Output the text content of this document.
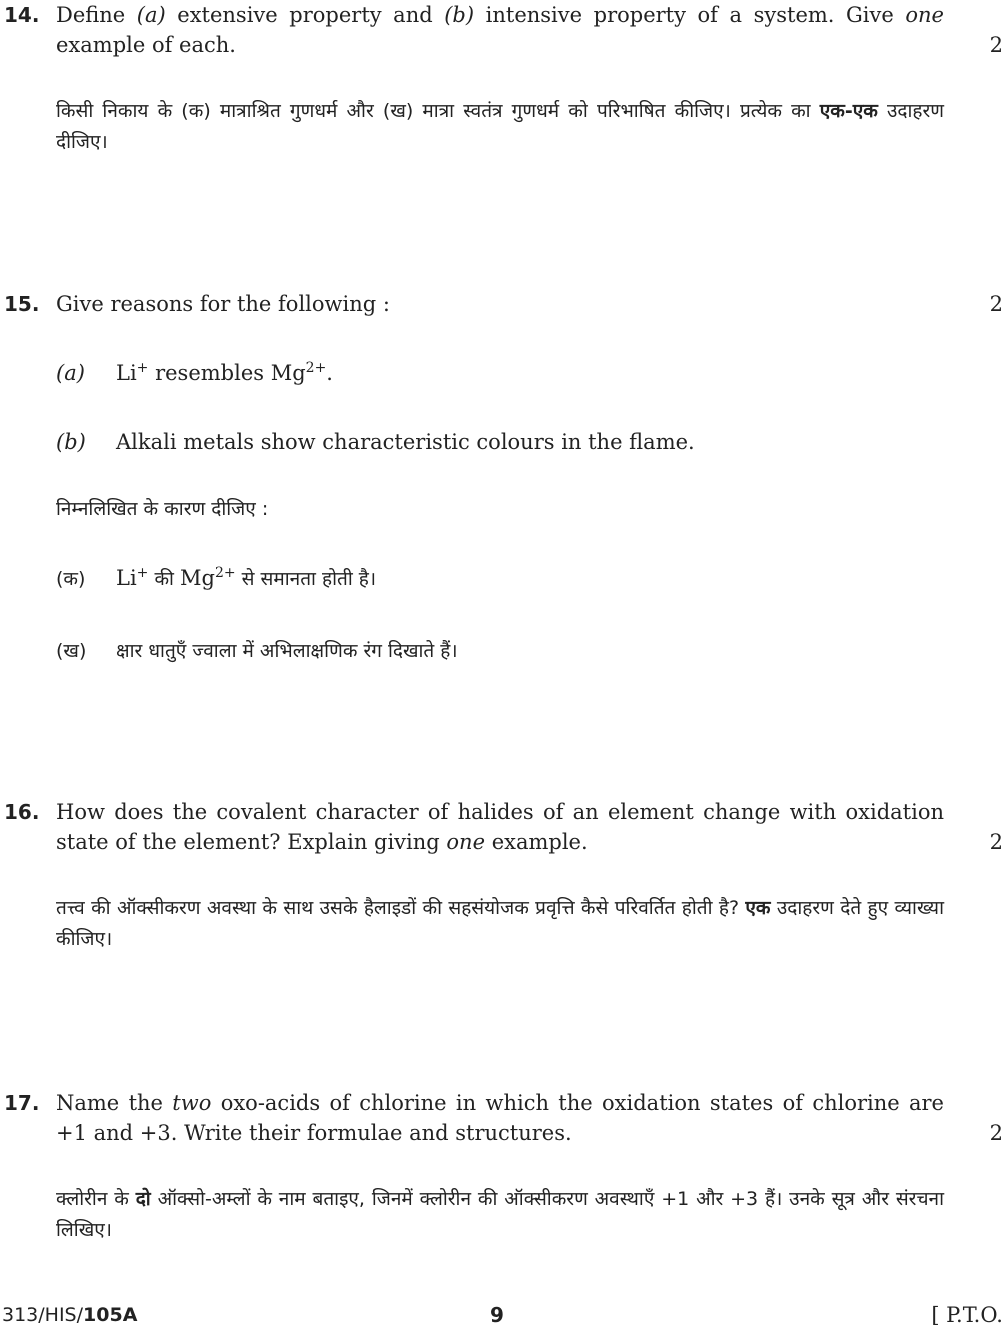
14. Define (a) extensive property and (b) intensive property of a system. Give one example of each.	2
किसी निकाय के (क) मात्राश्रित गुणधर्म और (ख) मात्रा स्वतंत्र गुणधर्म को परिभाषित कीजिए। प्रत्येक का एक-एक उदाहरण दीजिए।
15. Give reasons for the following :	2
(a) Li+ resembles $Mg^{2+}$.
(b) Alkali metals show characteristic colours in the flame.
निम्नलिखित के कारण दीजिए :
(क) Li+ की $Mg^{2+}$ से समानता होती है।
(ख) क्षार धातुएँ ज्वाला में अभिलाक्षणिक रंग दिखाते हैं।
16. How does the covalent character of halides of an element change with oxidation state of the element? Explain giving one example.	2
तत्त्व की ऑक्सीकरण अवस्था के साथ उसके हैलाइडों की सहसंयोजक प्रवृत्ति कैसे परिवर्तित होती है? एक उदाहरण देते हुए व्याख्या कीजिए।
17. Name the two oxo-acids of chlorine in which the oxidation states of chlorine are +1 and +3. Write their formulae and structures.	2
क्लोरीन के दो ऑक्सो-अम्लों के नाम बताइए, जिनमें क्लोरीन की ऑक्सीकरण अवस्थाएँ +1 और +3 हैं। उनके सूत्र और संरचना लिखिए।
313/HIS/105A	9	[ P.T.O.
